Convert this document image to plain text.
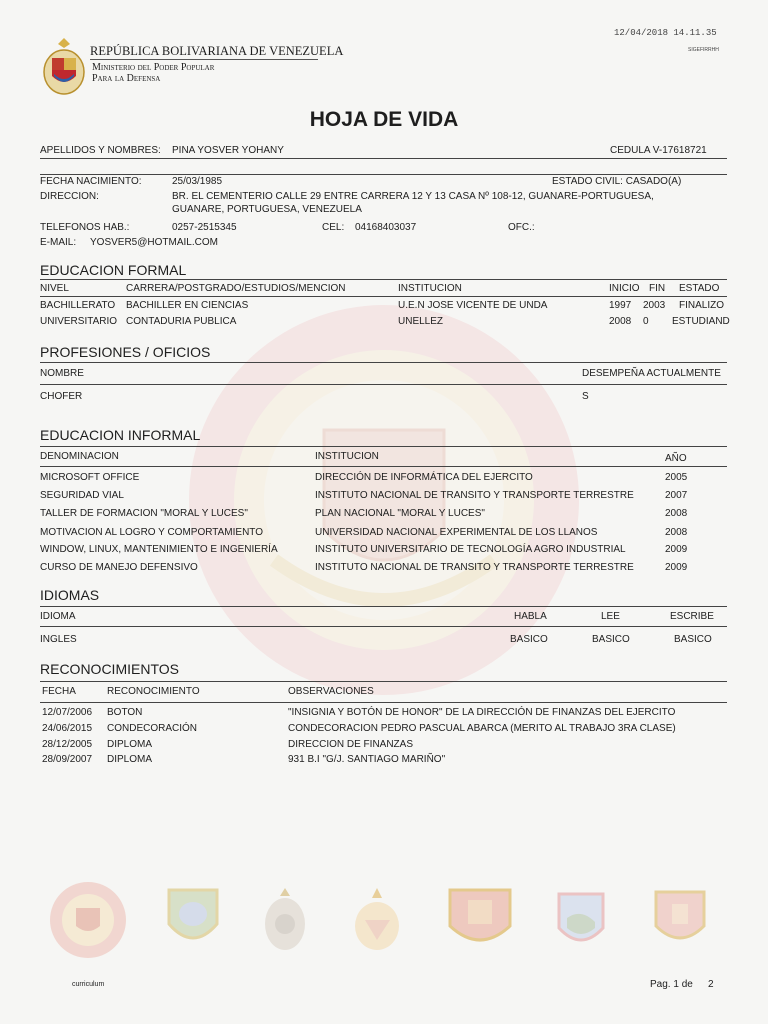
12/04/2018 14.11.35
SIGEFIRRHH
REPÚBLICA BOLIVARIANA DE VENEZUELA
Ministerio del Poder Popular
Para la Defensa
HOJA DE VIDA
APELLIDOS Y NOMBRES: PINA YOSVER YOHANY	CEDULA V-17618721
FECHA NACIMIENTO:	25/03/1985	ESTADO CIVIL: CASADO(A)
DIRECCION:	BR. EL CEMENTERIO CALLE 29 ENTRE CARRERA 12 Y 13 CASA Nº 108-12, GUANARE-PORTUGUESA,
GUANARE, PORTUGUESA, VENEZUELA
TELEFONOS HAB.:	0257-2515345	CEL: 04168403037	OFC.:
E-MAIL: YOSVER5@HOTMAIL.COM
EDUCACION FORMAL
NIVEL	CARRERA/POSTGRADO/ESTUDIOS/MENCION	INSTITUCION	INICIO FIN ESTADO
BACHILLERATO BACHILLER EN CIENCIAS	U.E.N JOSE VICENTE DE UNDA	1997 2003 FINALIZO
UNIVERSITARIO CONTADURIA PUBLICA	UNELLEZ	2008 0 ESTUDIAND
PROFESIONES / OFICIOS
NOMBRE	DESEMPEÑA ACTUALMENTE
CHOFER	S
EDUCACION INFORMAL
DENOMINACION	INSTITUCION	AÑO
MICROSOFT OFFICE	DIRECCIÓN DE INFORMÁTICA DEL EJERCITO	2005
SEGURIDAD VIAL	INSTITUTO NACIONAL DE TRANSITO Y TRANSPORTE TERRESTRE	2007
TALLER DE FORMACION "MORAL Y LUCES"	PLAN NACIONAL "MORAL Y LUCES"	2008
MOTIVACION AL LOGRO Y COMPORTAMIENTO	UNIVERSIDAD NACIONAL EXPERIMENTAL DE LOS LLANOS	2008
WINDOW, LINUX, MANTENIMIENTO E INGENIERÍA	INSTITUTO UNIVERSITARIO DE TECNOLOGÍA AGRO INDUSTRIAL	2009
CURSO DE MANEJO DEFENSIVO	INSTITUTO NACIONAL DE TRANSITO Y TRANSPORTE TERRESTRE	2009
IDIOMAS
IDIOMA	HABLA	LEE	ESCRIBE
INGLES	BASICO	BASICO	BASICO
RECONOCIMIENTOS
FECHA	RECONOCIMIENTO	OBSERVACIONES
12/07/2006 BOTON	"INSIGNIA Y BOTÓN DE HONOR" DE LA DIRECCIÓN DE FINANZAS DEL EJERCITO
24/06/2015 CONDECORACIÓN	CONDECORACION PEDRO PASCUAL ABARCA (MERITO AL TRABAJO 3RA CLASE)
28/12/2005 DIPLOMA	DIRECCION DE FINANZAS
28/09/2007 DIPLOMA	931 B.I "G/J. SANTIAGO MARIÑO"
curriculum	Pag. 1 de 2
